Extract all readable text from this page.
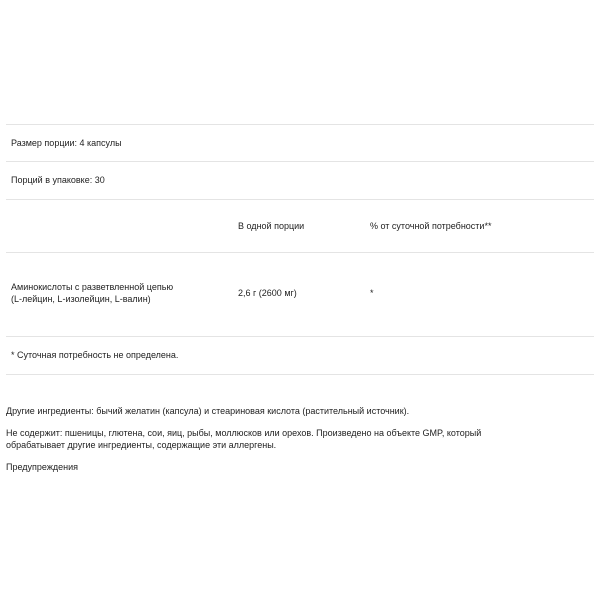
Размер порции: 4 капсулы
Порций в упаковке: 30
В одной порции	% от суточной потребности**
Аминокислоты с разветвленной цепью
(L-лейцин, L-изолейцин, L-валин)
2,6 г (2600 мг)	*
* Суточная потребность не определена.

Другие ингредиенты: бычий желатин (капсула) и стеариновая кислота (растительный источник).

Не содержит: пшеницы, глютена, сои, яиц, рыбы, моллюсков или орехов. Произведено на объекте GMP, который
обрабатывает другие ингредиенты, содержащие эти аллергены.

Предупреждения
